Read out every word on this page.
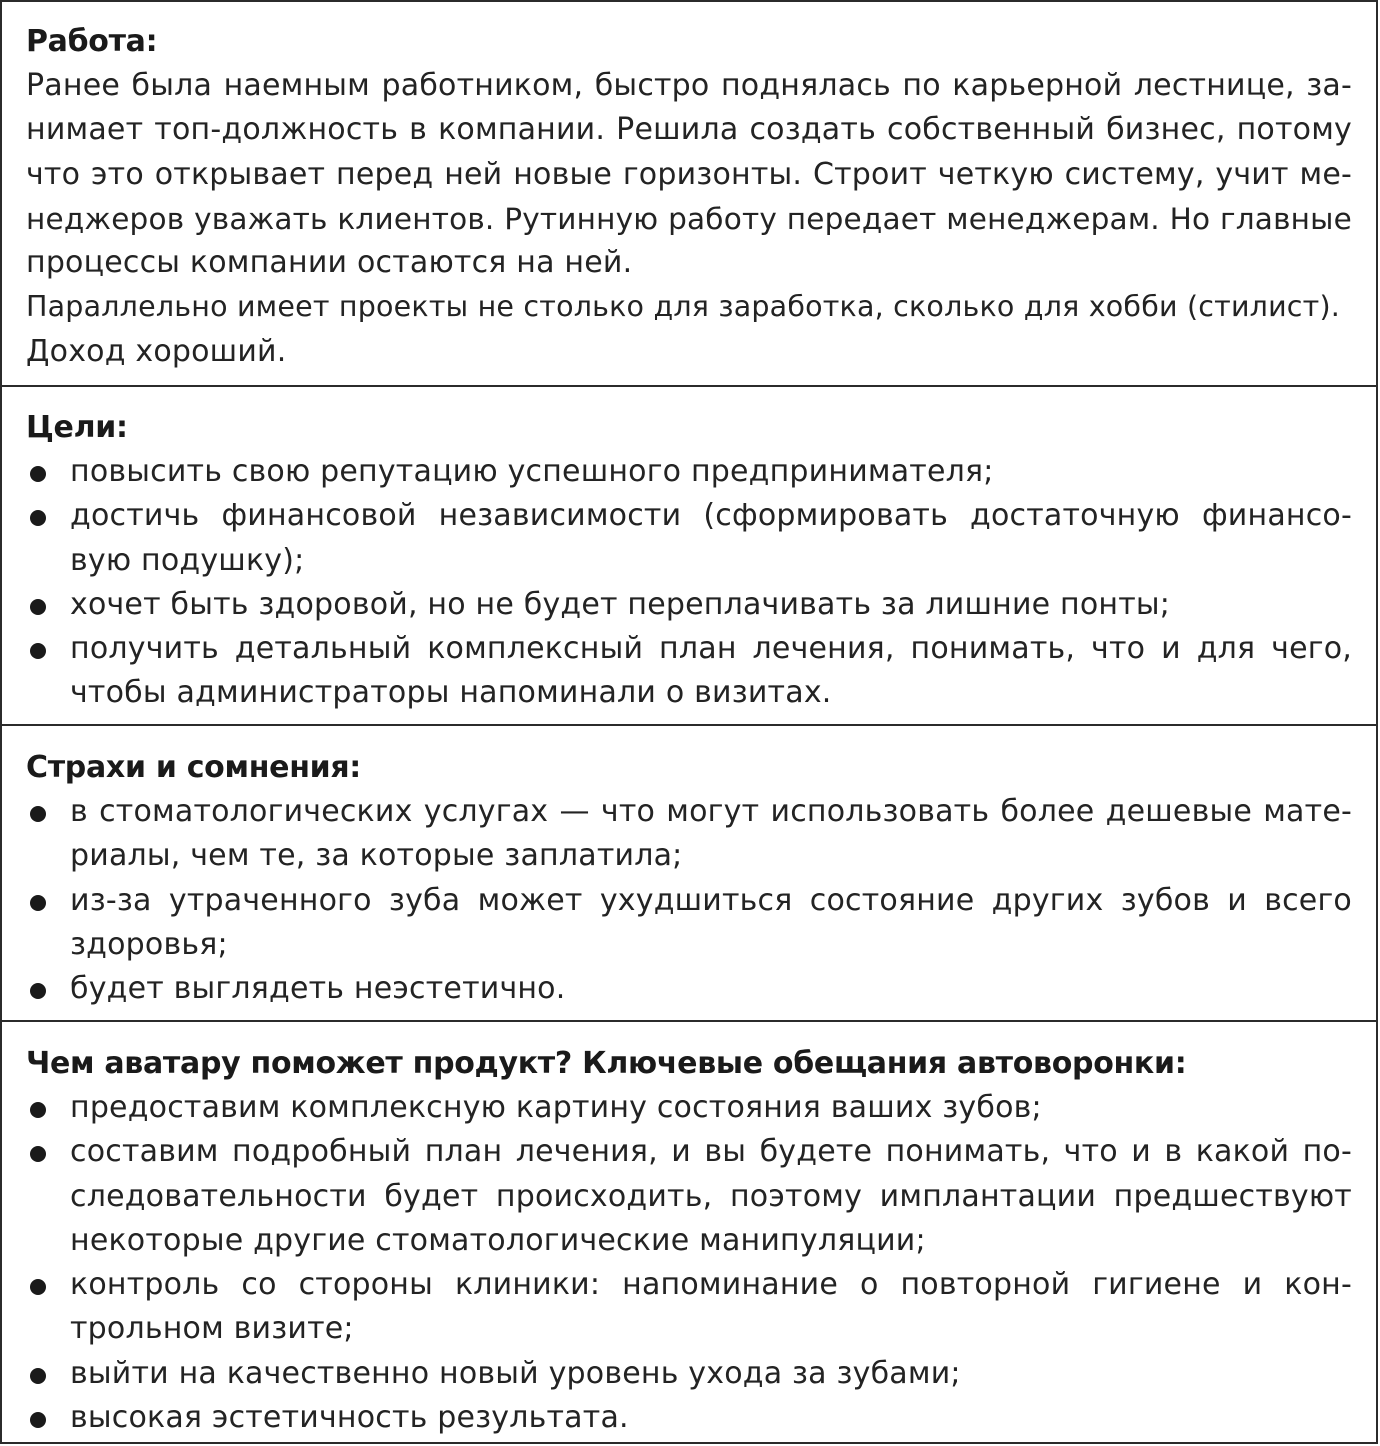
Работа:
Ранее была наемным работником, быстро поднялась по карьерной лестнице, за-
нимает топ-должность в компании. Решила создать собственный бизнес, потому
что это открывает перед ней новые горизонты. Строит четкую систему, учит ме-
неджеров уважать клиентов. Рутинную работу передает менеджерам. Но главные
процессы компании остаются на ней.
Параллельно имеет проекты не столько для заработка, сколько для хобби (стилист).
Доход хороший.
Цели:
повысить свою репутацию успешного предпринимателя;
достичь финансовой независимости (сформировать достаточную финансо-
вую подушку);
хочет быть здоровой, но не будет переплачивать за лишние понты;
получить детальный комплексный план лечения, понимать, что и для чего,
чтобы администраторы напоминали о визитах.
Страхи и сомнения:
в стоматологических услугах — что могут использовать более дешевые мате-
риалы, чем те, за которые заплатила;
из-за утраченного зуба может ухудшиться состояние других зубов и всего
здоровья;
будет выглядеть неэстетично.
Чем аватару поможет продукт? Ключевые обещания автоворонки:
предоставим комплексную картину состояния ваших зубов;
составим подробный план лечения, и вы будете понимать, что и в какой по-
следовательности будет происходить, поэтому имплантации предшествуют
некоторые другие стоматологические манипуляции;
контроль со стороны клиники: напоминание о повторной гигиене и кон-
трольном визите;
выйти на качественно новый уровень ухода за зубами;
высокая эстетичность результата.
